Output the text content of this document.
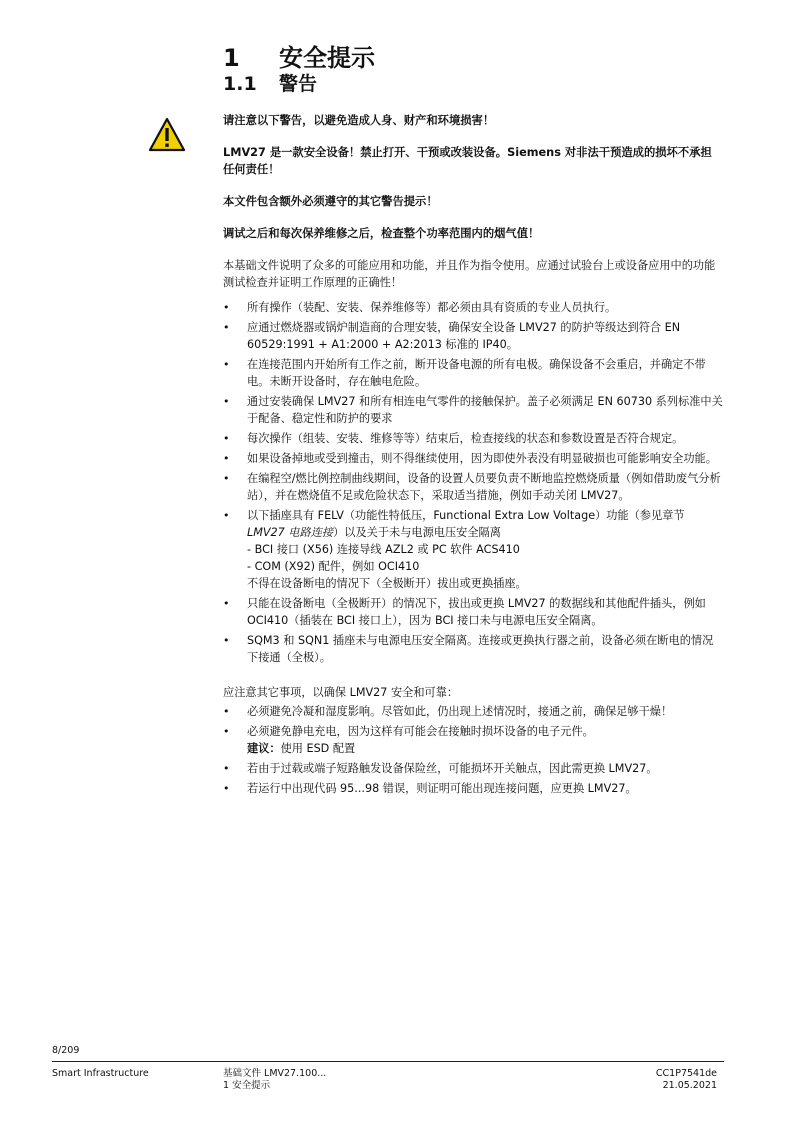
1 安全提示
1.1 警告

请注意以下警告，以避免造成人身、财产和环境损害！

LMV27 是一款安全设备！禁止打开、干预或改装设备。Siemens 对非法干预造成的损坏不承担任何责任！

本文件包含额外必须遵守的其它警告提示！

调试之后和每次保养维修之后，检查整个功率范围内的烟气值！

本基础文件说明了众多的可能应用和功能，并且作为指令使用。应通过试验台上或设备应用中的功能测试检查并证明工作原理的正确性！

• 所有操作（装配、安装、保养维修等）都必须由具有资质的专业人员执行。
• 应通过燃烧器或锅炉制造商的合理安装，确保安全设备 LMV27 的防护等级达到符合 EN 60529:1991 + A1:2000 + A2:2013 标准的 IP40。
• 在连接范围内开始所有工作之前，断开设备电源的所有电极。确保设备不会重启，并确定不带电。未断开设备时，存在触电危险。
• 通过安装确保 LMV27 和所有相连电气零件的接触保护。盖子必须满足 EN 60730 系列标准中关于配备、稳定性和防护的要求
• 每次操作（组装、安装、维修等等）结束后，检查接线的状态和参数设置是否符合规定。
• 如果设备掉地或受到撞击，则不得继续使用，因为即使外表没有明显破损也可能影响安全功能。
• 在编程空/燃比例控制曲线期间，设备的设置人员要负责不断地监控燃烧质量（例如借助废气分析站），并在燃烧值不足或危险状态下，采取适当措施，例如手动关闭 LMV27。
• 以下插座具有 FELV（功能性特低压，Functional Extra Low Voltage）功能（参见章节 LMV27 电路连接）以及关于未与电源电压安全隔离
- BCI 接口 (X56) 连接导线 AZL2 或 PC 软件 ACS410
- COM (X92) 配件，例如 OCI410
不得在设备断电的情况下（全极断开）拔出或更换插座。
• 只能在设备断电（全极断开）的情况下，拔出或更换 LMV27 的数据线和其他配件插头，例如 OCI410（插装在 BCI 接口上），因为 BCI 接口未与电源电压安全隔离。
• SQM3 和 SQN1 插座未与电源电压安全隔离。连接或更换执行器之前，设备必须在断电的情况下接通（全极）。

应注意其它事项，以确保 LMV27 安全和可靠：

• 必须避免冷凝和湿度影响。尽管如此，仍出现上述情况时，接通之前，确保足够干燥！
• 必须避免静电充电，因为这样有可能会在接触时损坏设备的电子元件。
建议：使用 ESD 配置
• 若由于过载或端子短路触发设备保险丝，可能损坏开关触点，因此需更换 LMV27。
• 若运行中出现代码 95...98 错误，则证明可能出现连接问题，应更换 LMV27。
8/209
Smart Infrastructure	基础文件 LMV27.100...
1 安全提示
CC1P7541de
21.05.2021
